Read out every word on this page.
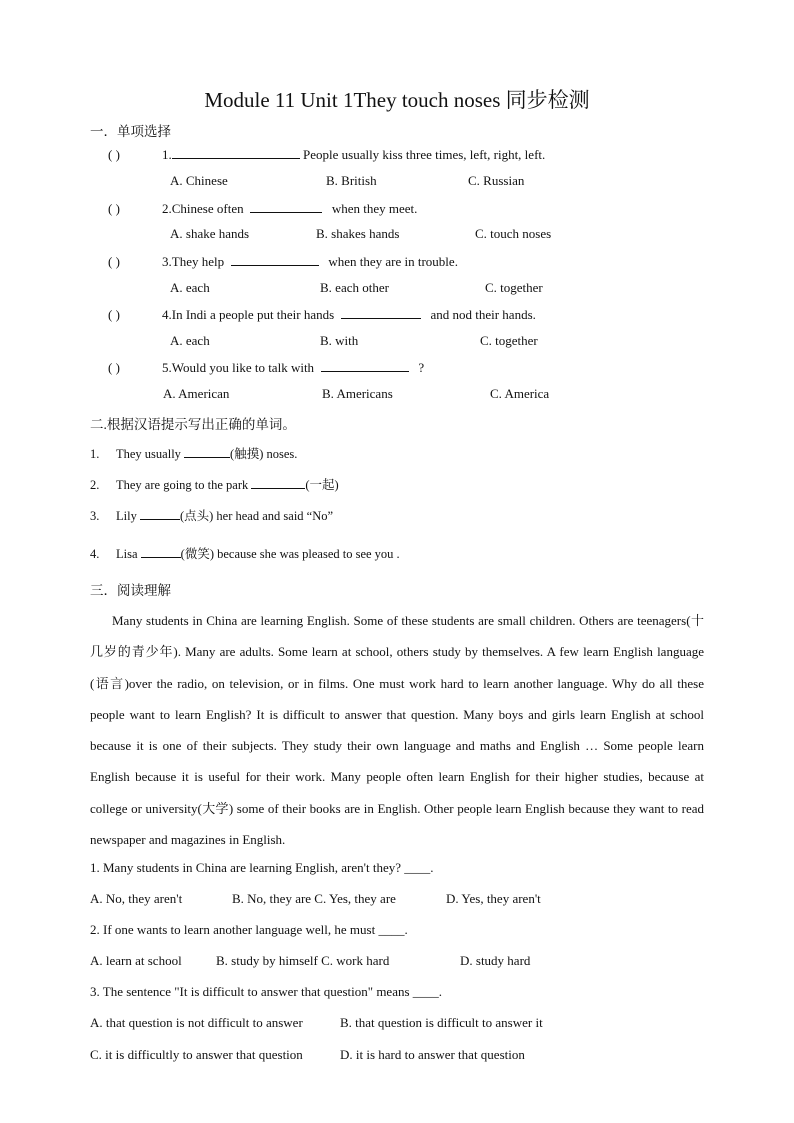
Module 11 Unit 1They touch noses 同步检测
一．单项选择
( )	1.	People usually kiss three times, left, right, left.
A. Chinese	B. British	C. Russian
( )	2.Chinese often	when they meet.
A. shake hands	B. shakes hands	C. touch noses
( )	3.They help	when they are in trouble.
A. each	B. each other	C. together
( )	4.In Indi a people put their hands	and nod their hands.
A. each	B. with	C. together
( )	5.Would you like to talk with	?
A. American	B. Americans	C. America
二.根据汉语提示写出正确的单词。
1. They usually	(触摸) noses.
2. They are going to the park	(一起)
3. Lily	(点头) her head and said “No”
4. Lisa	(微笑) because she was pleased to see you .
三．阅读理解
Many students in China are learning English. Some of these students are small children. Others are teenagers(十几岁的青少年). Many are adults. Some learn at school, others study by themselves. A few learn English language (语言)over the radio, on television, or in films. One must work hard to learn another language. Why do all these people want to learn English? It is difficult to answer that question. Many boys and girls learn English at school because it is one of their subjects. They study their own language and maths and English … Some people learn English because it is useful for their work. Many people often learn English for their higher studies, because at college or university(大学) some of their books are in English. Other people learn English because they want to read newspaper and magazines in English.
1. Many students in China are learning English, aren't they? ____.
A. No, they aren't	B. No, they are C. Yes, they are	D. Yes, they aren't
2. If one wants to learn another language well, he must ____.
A. learn at school	B. study by himself C. work hard	D. study hard
3. The sentence "It is difficult to answer that question" means ____.
A. that question is not difficult to answer	B. that question is difficult to answer it
C. it is difficultly to answer that question	D. it is hard to answer that question
